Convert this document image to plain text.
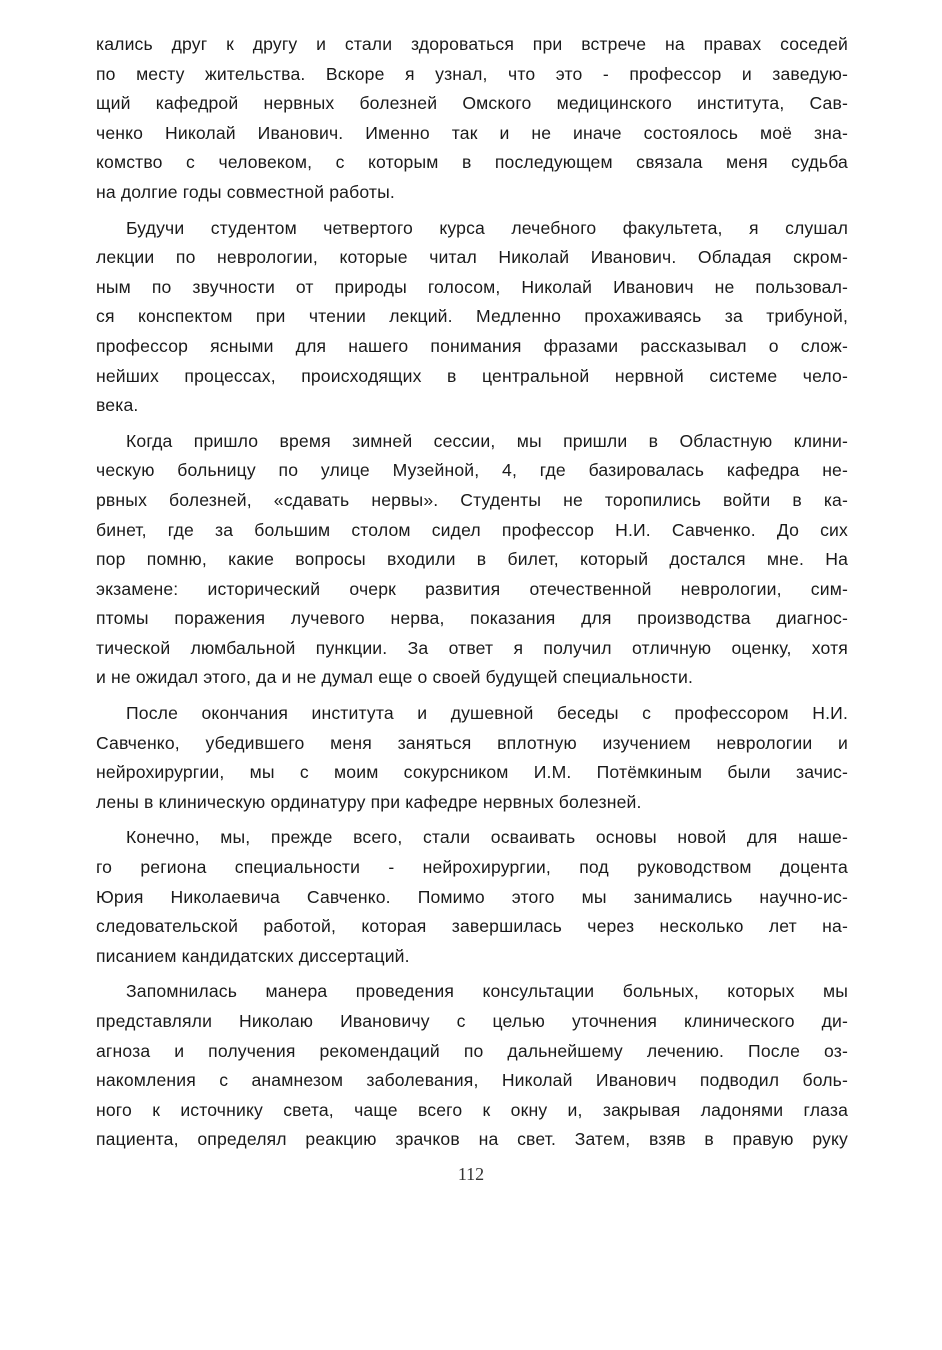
кались друг к другу и стали здороваться при встрече на правах соседей
по месту жительства. Вскоре я узнал, что это - профессор и заведую-
щий кафедрой нервных болезней Омского медицинского института, Сав-
ченко Николай Иванович. Именно так и не иначе состоялось моё зна-
комство с человеком, с которым в последующем связала меня судьба
на долгие годы совместной работы.
Будучи студентом четвертого курса лечебного факультета, я слушал
лекции по неврологии, которые читал Николай Иванович. Обладая скром-
ным по звучности от природы голосом, Николай Иванович не пользовал-
ся конспектом при чтении лекций. Медленно прохаживаясь за трибуной,
профессор ясными для нашего понимания фразами рассказывал о слож-
нейших процессах, происходящих в центральной нервной системе чело-
века.
Когда пришло время зимней сессии, мы пришли в Областную клини-
ческую больницу по улице Музейной, 4, где базировалась кафедра не-
рвных болезней, «сдавать нервы». Студенты не торопились войти в ка-
бинет, где за большим столом сидел профессор Н.И. Савченко. До сих
пор помню, какие вопросы входили в билет, который достался мне. На
экзамене: исторический очерк развития отечественной неврологии, сим-
птомы поражения лучевого нерва, показания для производства диагнос-
тической люмбальной пункции. За ответ я получил отличную оценку, хотя
и не ожидал этого, да и не думал еще о своей будущей специальности.
После окончания института и душевной беседы с профессором Н.И.
Савченко, убедившего меня заняться вплотную изучением неврологии и
нейрохирургии, мы с моим сокурсником И.М. Потёмкиным были зачис-
лены в клиническую ординатуру при кафедре нервных болезней.
Конечно, мы, прежде всего, стали осваивать основы новой для наше-
го региона специальности - нейрохирургии, под руководством доцента
Юрия Николаевича Савченко. Помимо этого мы занимались научно-ис-
следовательской работой, которая завершилась через несколько лет на-
писанием кандидатских диссертаций.
Запомнилась манера проведения консультации больных, которых мы
представляли Николаю Ивановичу с целью уточнения клинического ди-
агноза и получения рекомендаций по дальнейшему лечению. После оз-
накомления с анамнезом заболевания, Николай Иванович подводил боль-
ного к источнику света, чаще всего к окну и, закрывая ладонями глаза
пациента, определял реакцию зрачков на свет. Затем, взяв в правую руку
112
